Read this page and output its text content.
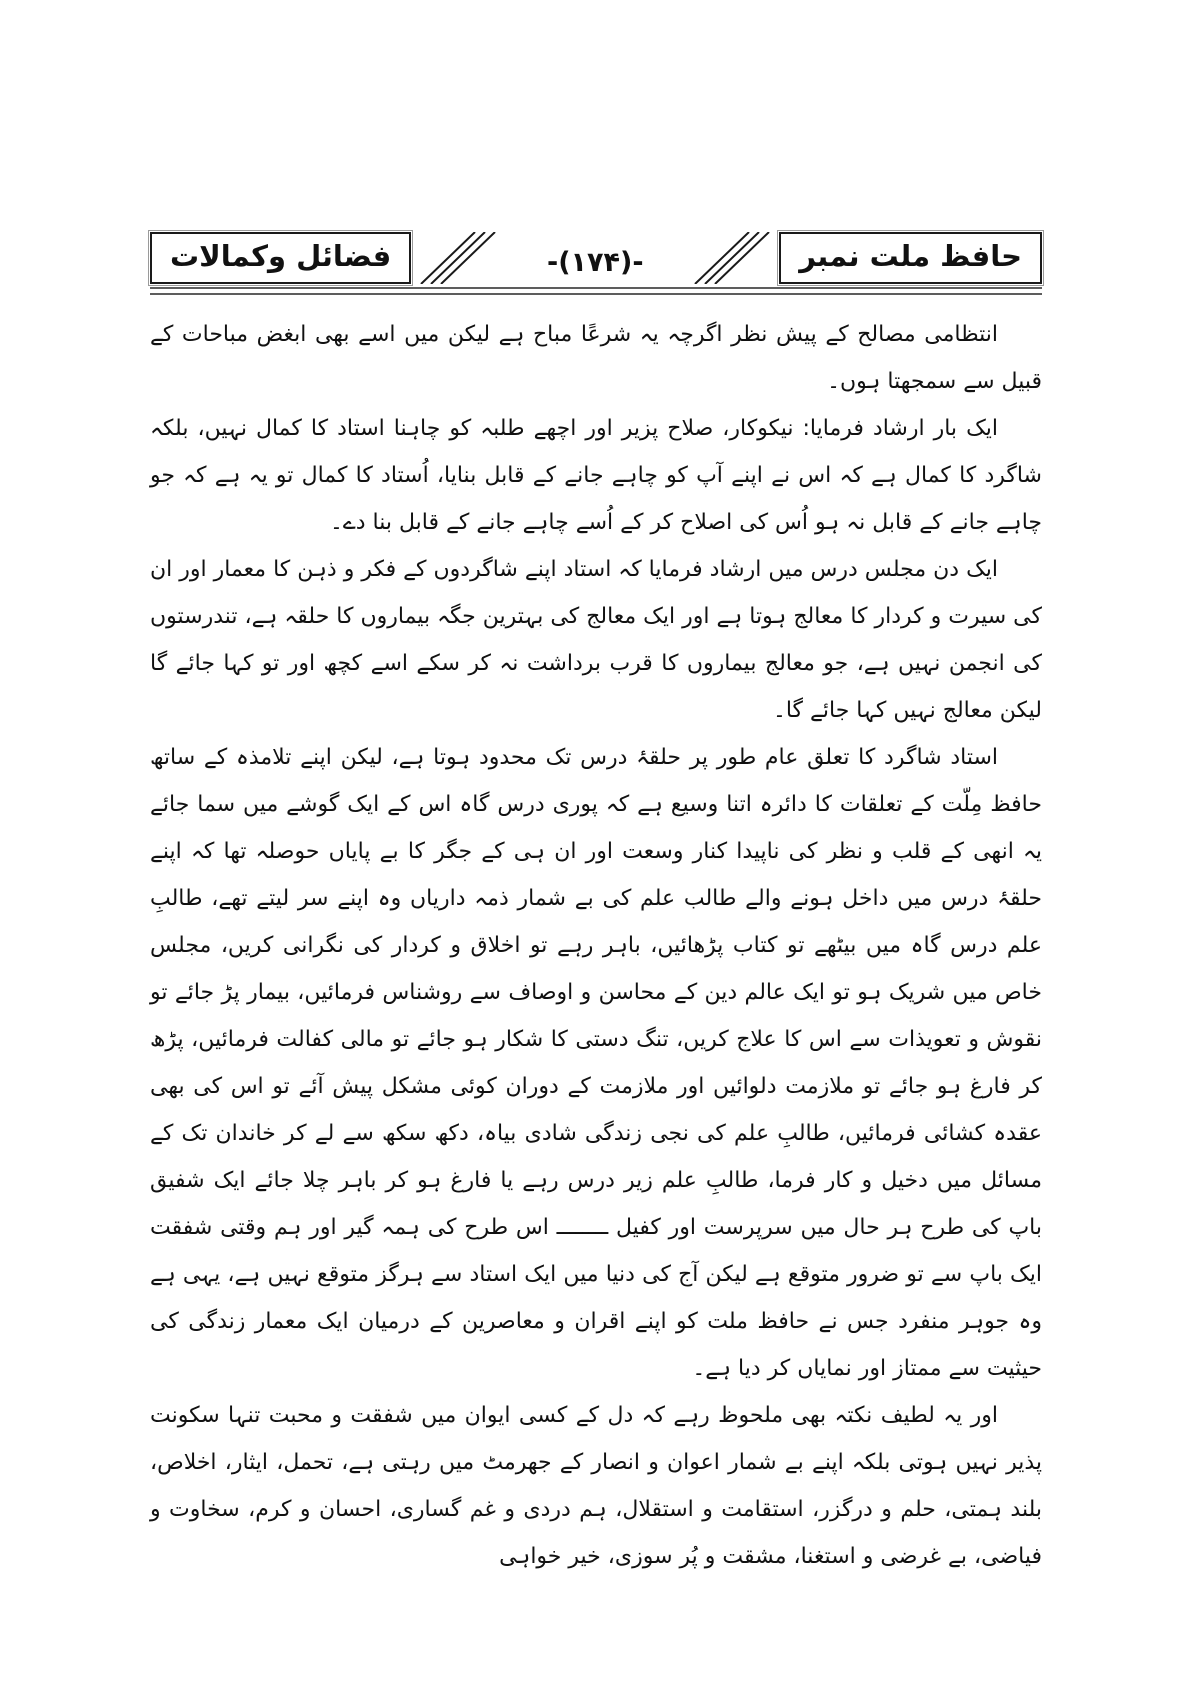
حافظ ملت نمبر
-(۱۷۴)-
فضائل وکمالات

انتظامی مصالح کے پیش نظر اگرچہ یہ شرعًا مباح ہے لیکن میں اسے بھی ابغض مباحات کے قبیل سے سمجھتا ہوں۔

ایک بار ارشاد فرمایا: نیکوکار، صلاح پزیر اور اچھے طلبہ کو چاہنا استاد کا کمال نہیں، بلکہ شاگرد کا کمال ہے کہ اس نے اپنے آپ کو چاہے جانے کے قابل بنایا، اُستاد کا کمال تو یہ ہے کہ جو چاہے جانے کے قابل نہ ہو اُس کی اصلاح کر کے اُسے چاہے جانے کے قابل بنا دے۔

ایک دن مجلس درس میں ارشاد فرمایا کہ استاد اپنے شاگردوں کے فکر و ذہن کا معمار اور ان کی سیرت و کردار کا معالج ہوتا ہے اور ایک معالج کی بہترین جگہ بیماروں کا حلقہ ہے، تندرستوں کی انجمن نہیں ہے، جو معالج بیماروں کا قرب برداشت نہ کر سکے اسے کچھ اور تو کہا جائے گا لیکن معالج نہیں کہا جائے گا۔

استاد شاگرد کا تعلق عام طور پر حلقۂ درس تک محدود ہوتا ہے، لیکن اپنے تلامذہ کے ساتھ حافظ مِلّت کے تعلقات کا دائرہ اتنا وسیع ہے کہ پوری درس گاہ اس کے ایک گوشے میں سما جائے یہ انھی کے قلب و نظر کی ناپیدا کنار وسعت اور ان ہی کے جگر کا بے پایاں حوصلہ تھا کہ اپنے حلقۂ درس میں داخل ہونے والے طالب علم کی بے شمار ذمہ داریاں وہ اپنے سر لیتے تھے، طالبِ علم درس گاہ میں بیٹھے تو کتاب پڑھائیں، باہر رہے تو اخلاق و کردار کی نگرانی کریں، مجلس خاص میں شریک ہو تو ایک عالم دین کے محاسن و اوصاف سے روشناس فرمائیں، بیمار پڑ جائے تو نقوش و تعویذات سے اس کا علاج کریں، تنگ دستی کا شکار ہو جائے تو مالی کفالت فرمائیں، پڑھ کر فارغ ہو جائے تو ملازمت دلوائیں اور ملازمت کے دوران کوئی مشکل پیش آئے تو اس کی بھی عقدہ کشائی فرمائیں، طالبِ علم کی نجی زندگی شادی بیاہ، دکھ سکھ سے لے کر خاندان تک کے مسائل میں دخیل و کار فرما، طالبِ علم زیر درس رہے یا فارغ ہو کر باہر چلا جائے ایک شفیق باپ کی طرح ہر حال میں سرپرست اور کفیل ــــــــ اس طرح کی ہمہ گیر اور ہم وقتی شفقت ایک باپ سے تو ضرور متوقع ہے لیکن آج کی دنیا میں ایک استاد سے ہرگز متوقع نہیں ہے، یہی ہے وہ جوہر منفرد جس نے حافظ ملت کو اپنے اقران و معاصرین کے درمیان ایک معمار زندگی کی حیثیت سے ممتاز اور نمایاں کر دیا ہے۔

اور یہ لطیف نکتہ بھی ملحوظ رہے کہ دل کے کسی ایوان میں شفقت و محبت تنہا سکونت پذیر نہیں ہوتی بلکہ اپنے بے شمار اعوان و انصار کے جھرمٹ میں رہتی ہے، تحمل، ایثار، اخلاص، بلند ہمتی، حلم و درگزر، استقامت و استقلال، ہم دردی و غم گساری، احسان و کرم، سخاوت و فیاضی، بے غرضی و استغنا، مشقت و پُر سوزی، خیر خواہی
